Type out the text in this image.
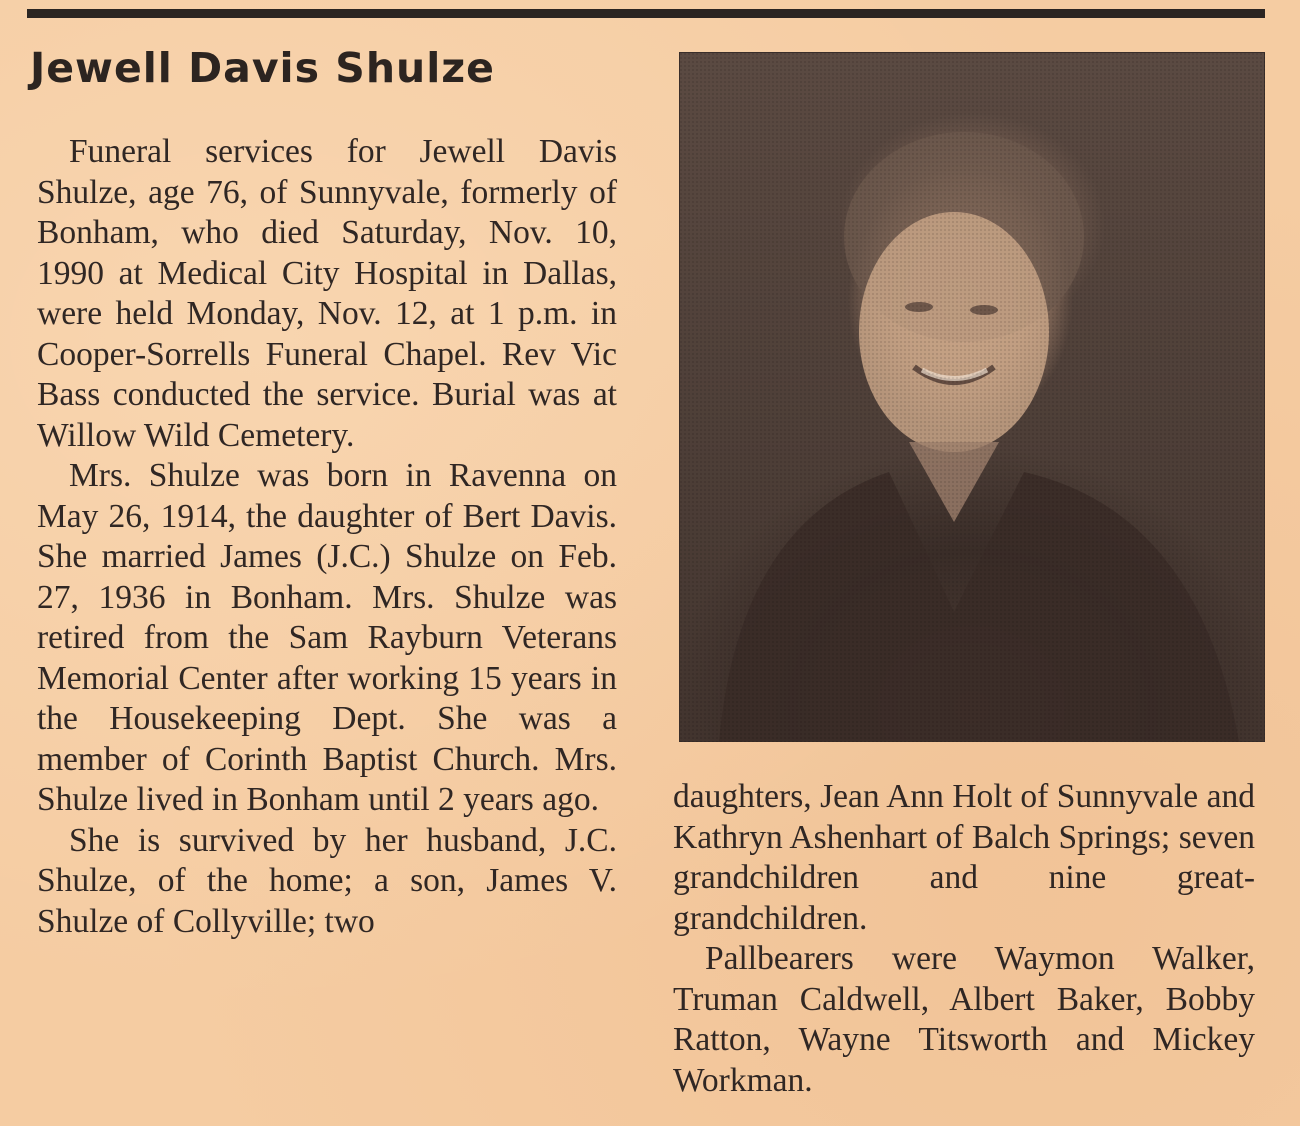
Jewell Davis Shulze

Funeral services for Jewell Davis Shulze, age 76, of Sunnyvale, formerly of Bonham, who died Saturday, Nov. 10, 1990 at Medical City Hospital in Dallas, were held Monday, Nov. 12, at 1 p.m. in Cooper-Sorrells Funeral Chapel. Rev Vic Bass conducted the service. Burial was at Willow Wild Cemetery.

Mrs. Shulze was born in Ravenna on May 26, 1914, the daughter of Bert Davis. She married James (J.C.) Shulze on Feb. 27, 1936 in Bonham. Mrs. Shulze was retired from the Sam Rayburn Veterans Memorial Center after working 15 years in the Housekeeping Dept. She was a member of Corinth Baptist Church. Mrs. Shulze lived in Bonham until 2 years ago.

She is survived by her husband, J.C. Shulze, of the home; a son, James V. Shulze of Collyville; two

daughters, Jean Ann Holt of Sunnyvale and Kathryn Ashenhart of Balch Springs; seven grandchildren and nine great-grandchildren.

Pallbearers were Waymon Walker, Truman Caldwell, Albert Baker, Bobby Ratton, Wayne Titsworth and Mickey Workman.
